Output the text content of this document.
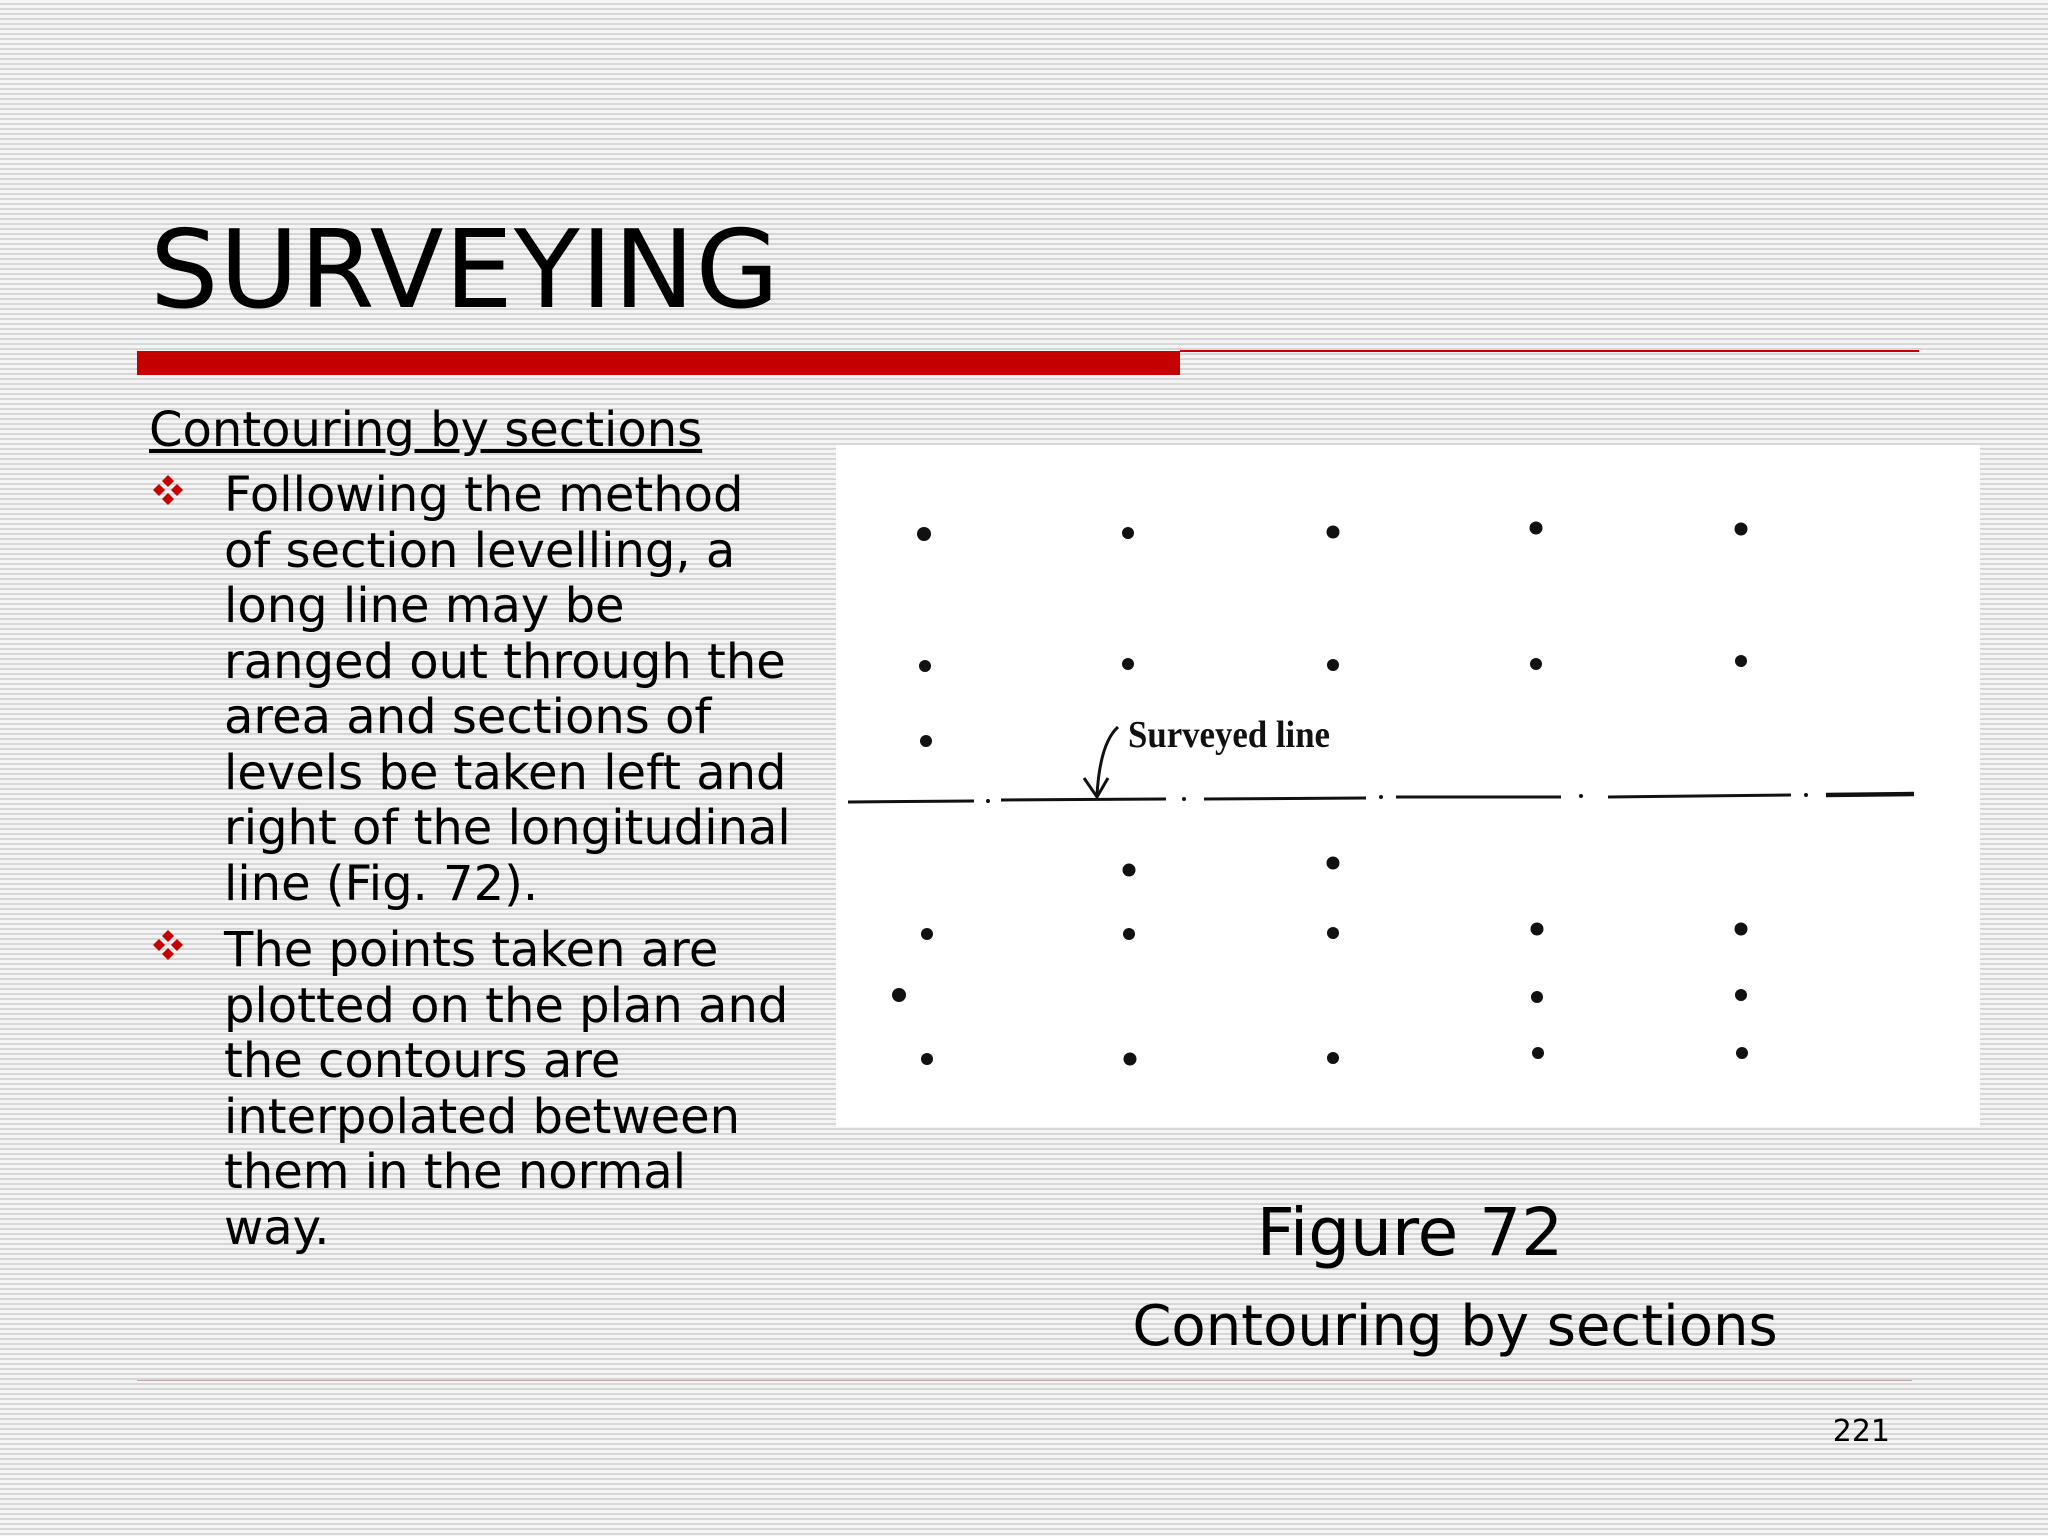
SURVEYING
Contouring by sections
Following the method of section levelling, a long line may be ranged out through the area and sections of levels be taken left and right of the longitudinal line (Fig. 72).
The points taken are plotted on the plan and the contours are interpolated between them in the normal way.
Surveyed line
Figure 72

Contouring by sections

221
